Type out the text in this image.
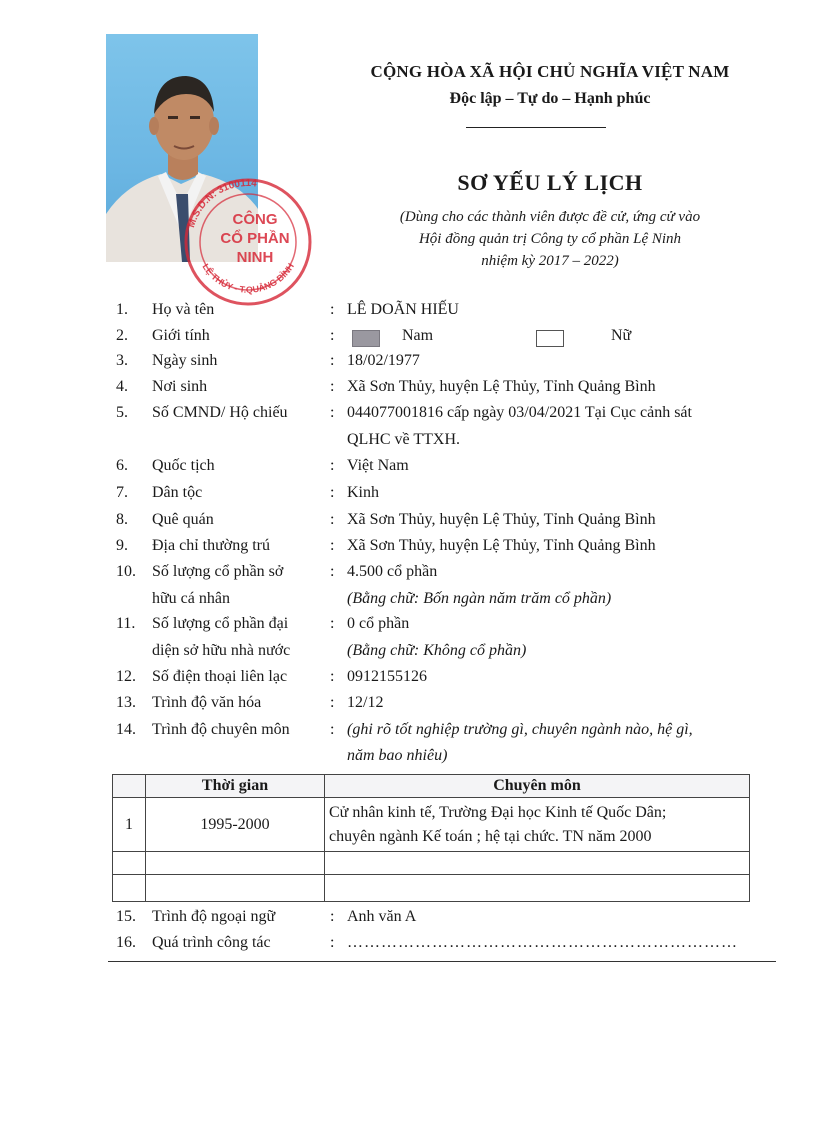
M.S.D.N: 3100114
LỆ THỦY - T.QUẢNG BÌNH
CÔNG
CỔ PHẦN
NINH
CỘNG HÒA XÃ HỘI CHỦ NGHĨA VIỆT NAM
Độc lập – Tự do – Hạnh phúc
SƠ YẾU LÝ LỊCH
(Dùng cho các thành viên được đề cử, ứng cử vào
Hội đồng quản trị Công ty cổ phần Lệ Ninh
nhiệm kỳ 2017 – 2022)
1.	Họ và tên	: LÊ DOÃN HIẾU
2.	Giới tính	:	Nam	Nữ
3.	Ngày sinh	: 18/02/1977
4.	Nơi sinh	: Xã Sơn Thủy, huyện Lệ Thủy, Tỉnh Quảng Bình
5.	Số CMND/ Hộ chiếu	: 044077001816 cấp ngày 03/04/2021 Tại Cục cảnh sát
QLHC về TTXH.
6.	Quốc tịch	: Việt Nam
7.	Dân tộc	: Kinh
8.	Quê quán	: Xã Sơn Thủy, huyện Lệ Thủy, Tỉnh Quảng Bình
9.	Địa chỉ thường trú	: Xã Sơn Thủy, huyện Lệ Thủy, Tỉnh Quảng Bình
10.	Số lượng cổ phần sở	: 4.500 cổ phần
hữu cá nhân	(Bằng chữ: Bốn ngàn năm trăm cổ phần)
11.	Số lượng cổ phần đại	: 0 cổ phần
diện sở hữu nhà nước	(Bằng chữ: Không cổ phần)
12.	Số điện thoại liên lạc	: 0912155126
13.	Trình độ văn hóa	: 12/12
14.	Trình độ chuyên môn	: (ghi rõ tốt nghiệp trường gì, chuyên ngành nào, hệ gì,
năm bao nhiêu)
	Thời gian	Chuyên môn
1	1995-2000	Cử nhân kinh tế, Trường Đại học Kinh tế Quốc Dân;
chuyên ngành Kế toán ; hệ tại chức. TN năm 2000

15.	Trình độ ngoại ngữ	: Anh văn A
16.	Quá trình công tác	: ……………………………………………………………
